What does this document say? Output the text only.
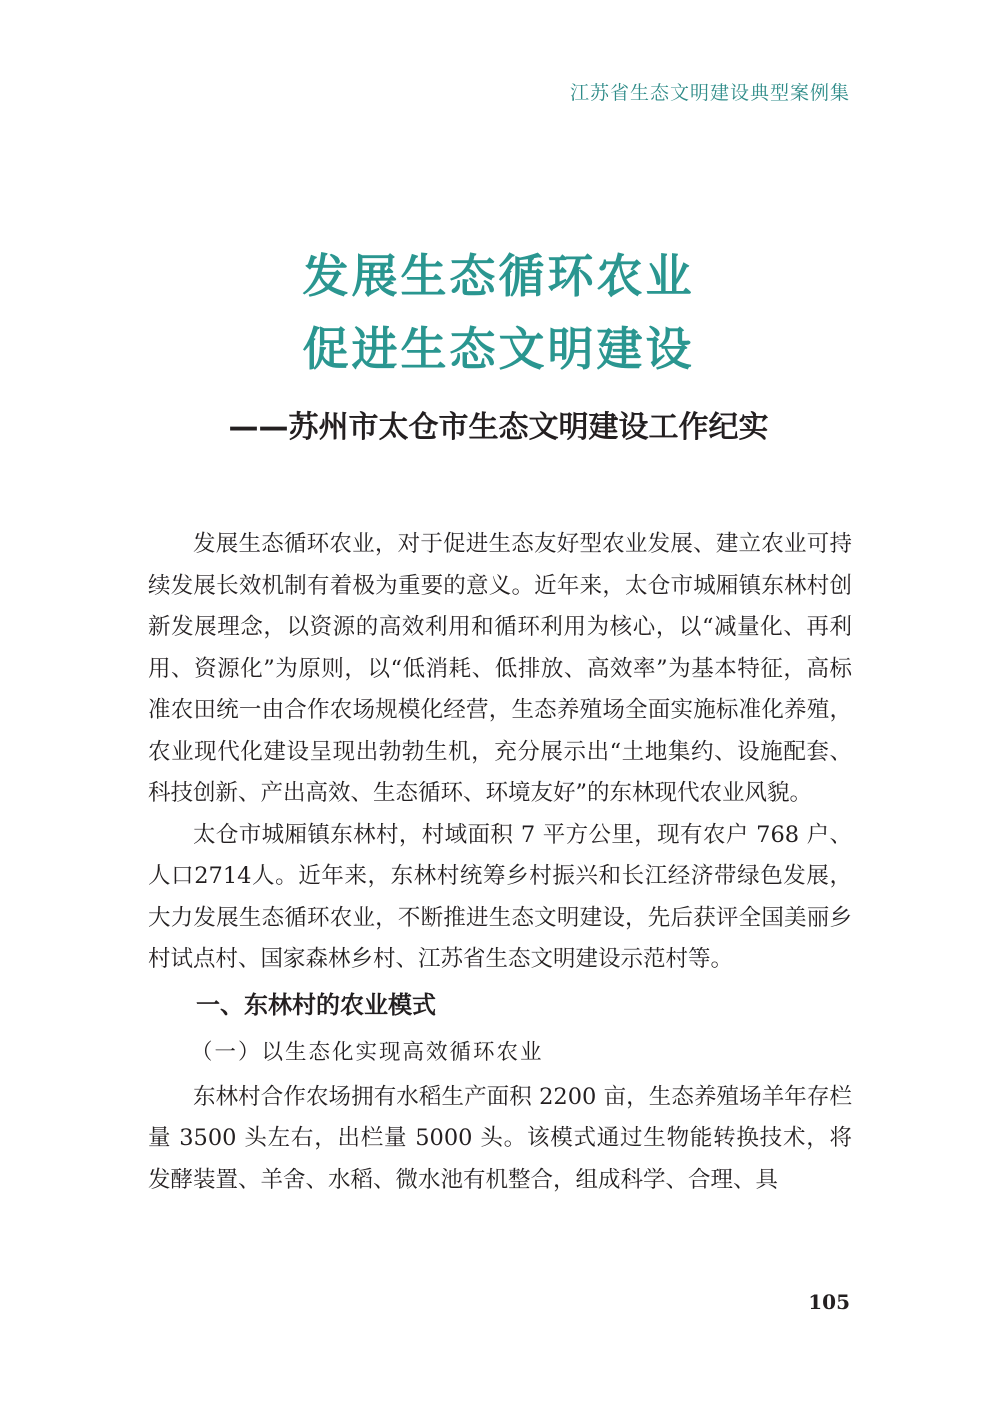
江苏省生态文明建设典型案例集
发展生态循环农业
促进生态文明建设
——苏州市太仓市生态文明建设工作纪实

发展生态循环农业，对于促进生态友好型农业发展、建立农业可持续发展长效机制有着极为重要的意义。近年来，太仓市城厢镇东林村创新发展理念，以资源的高效利用和循环利用为核心，以“减量化、再利用、资源化”为原则，以“低消耗、低排放、高效率”为基本特征，高标准农田统一由合作农场规模化经营，生态养殖场全面实施标准化养殖，农业现代化建设呈现出勃勃生机，充分展示出“土地集约、设施配套、科技创新、产出高效、生态循环、环境友好”的东林现代农业风貌。

太仓市城厢镇东林村，村域面积 7 平方公里，现有农户 768 户、人口2714人。近年来，东林村统筹乡村振兴和长江经济带绿色发展，大力发展生态循环农业，不断推进生态文明建设，先后获评全国美丽乡村试点村、国家森林乡村、江苏省生态文明建设示范村等。

一、东林村的农业模式
（一）以生态化实现高效循环农业

东林村合作农场拥有水稻生产面积 2200 亩，生态养殖场羊年存栏量 3500 头左右，出栏量 5000 头。该模式通过生物能转换技术，将发酵装置、羊舍、水稻、微水池有机整合，组成科学、合理、具

105
